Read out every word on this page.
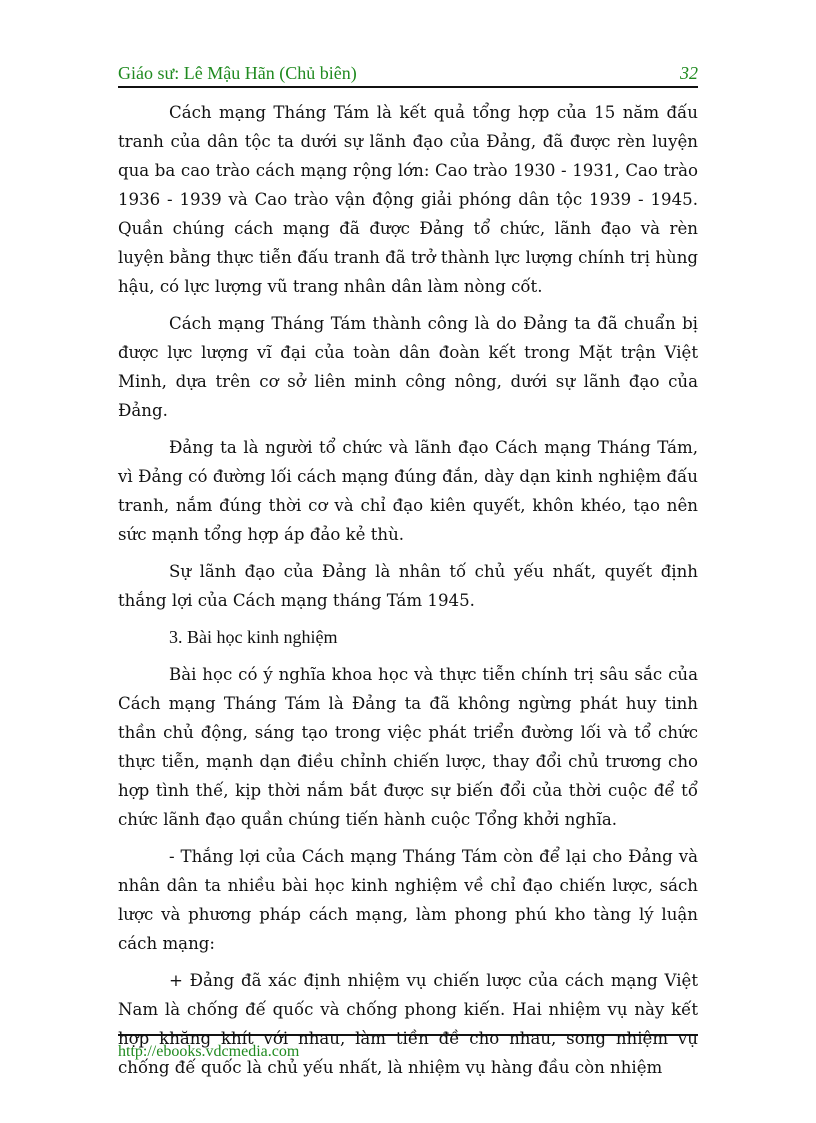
Giáo sư: Lê Mậu Hãn (Chủ biên)	32

Cách mạng Tháng Tám là kết quả tổng hợp của 15 năm đấu tranh của dân tộc ta dưới sự lãnh đạo của Đảng, đã được rèn luyện qua ba cao trào cách mạng rộng lớn: Cao trào 1930 - 1931, Cao trào 1936 - 1939 và Cao trào vận động giải phóng dân tộc 1939 - 1945. Quần chúng cách mạng đã được Đảng tổ chức, lãnh đạo và rèn luyện bằng thực tiễn đấu tranh đã trở thành lực lượng chính trị hùng hậu, có lực lượng vũ trang nhân dân làm nòng cốt.

Cách mạng Tháng Tám thành công là do Đảng ta đã chuẩn bị được lực lượng vĩ đại của toàn dân đoàn kết trong Mặt trận Việt Minh, dựa trên cơ sở liên minh công nông, dưới sự lãnh đạo của Đảng.

Đảng ta là người tổ chức và lãnh đạo Cách mạng Tháng Tám, vì Đảng có đường lối cách mạng đúng đắn, dày dạn kinh nghiệm đấu tranh, nắm đúng thời cơ và chỉ đạo kiên quyết, khôn khéo, tạo nên sức mạnh tổng hợp áp đảo kẻ thù.

Sự lãnh đạo của Đảng là nhân tố chủ yếu nhất, quyết định thắng lợi của Cách mạng tháng Tám 1945.

3. Bài học kinh nghiệm

Bài học có ý nghĩa khoa học và thực tiễn chính trị sâu sắc của Cách mạng Tháng Tám là Đảng ta đã không ngừng phát huy tinh thần chủ động, sáng tạo trong việc phát triển đường lối và tổ chức thực tiễn, mạnh dạn điều chỉnh chiến lược, thay đổi chủ trương cho hợp tình thế, kịp thời nắm bắt được sự biến đổi của thời cuộc để tổ chức lãnh đạo quần chúng tiến hành cuộc Tổng khởi nghĩa.

- Thắng lợi của Cách mạng Tháng Tám còn để lại cho Đảng và nhân dân ta nhiều bài học kinh nghiệm về chỉ đạo chiến lược, sách lược và phương pháp cách mạng, làm phong phú kho tàng lý luận cách mạng:

+ Đảng đã xác định nhiệm vụ chiến lược của cách mạng Việt Nam là chống đế quốc và chống phong kiến. Hai nhiệm vụ này kết hợp khăng khít với nhau, làm tiền đề cho nhau, song nhiệm vụ chống đế quốc là chủ yếu nhất, là nhiệm vụ hàng đầu còn nhiệm

http://ebooks.vdcmedia.com
